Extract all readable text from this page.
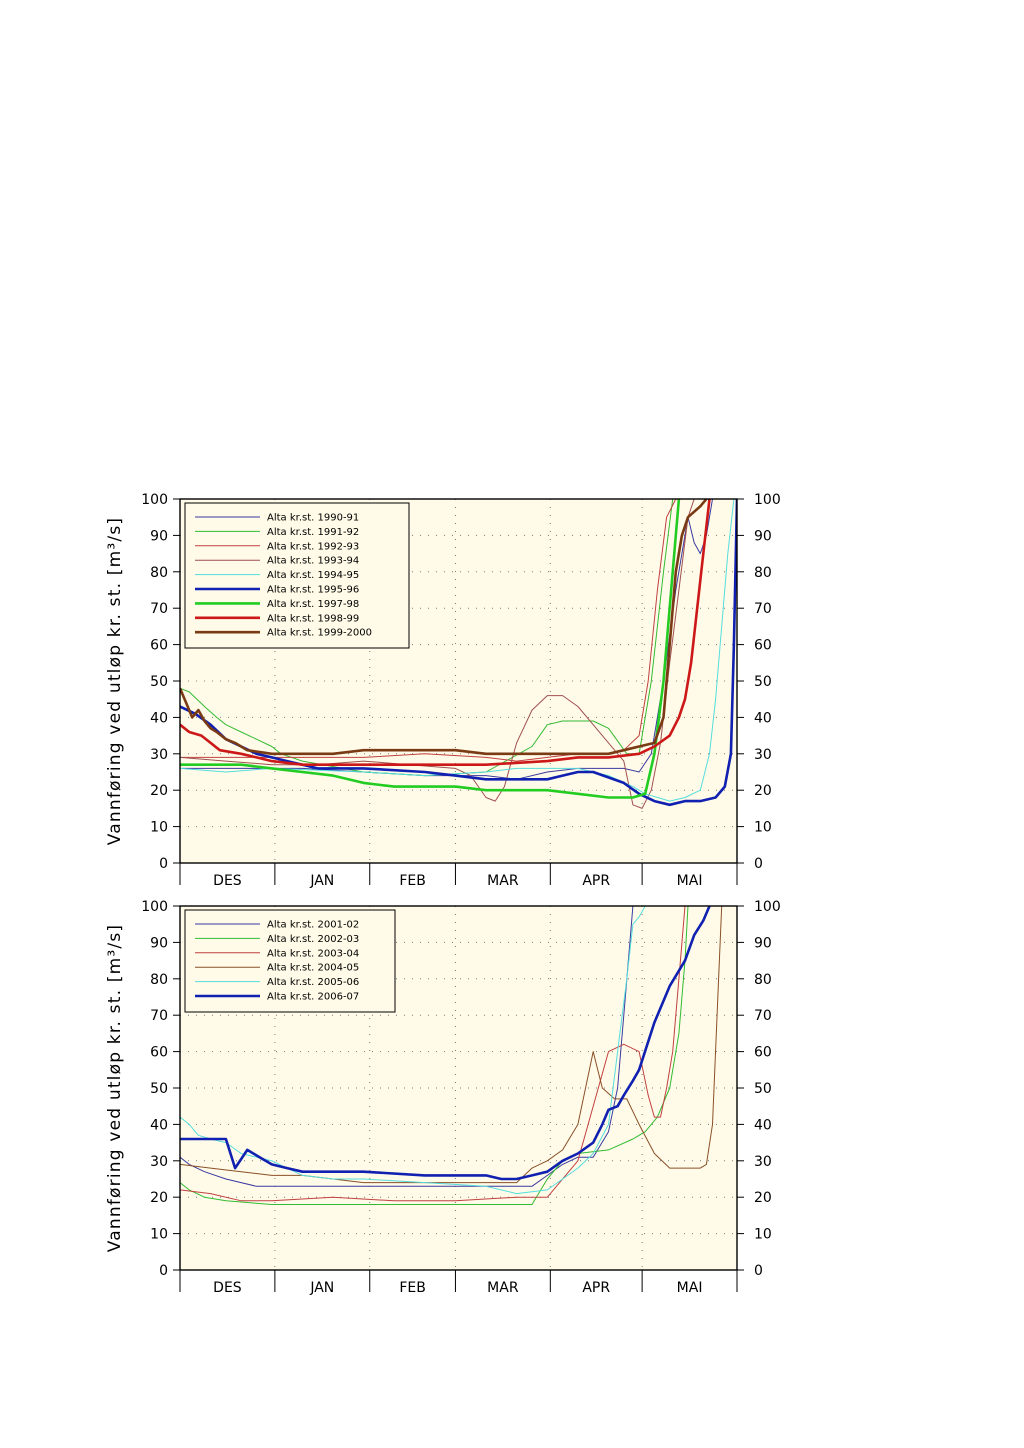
0	0
10	10
20	20
30	30
40	40
50	50
60	60
70	70
80	80
90	90
100	100
DES	JAN	FEB	MAR	APR	MAI
Vannføring ved utløp kr. st. [m³/s]	Alta kr.st. 1990-91
Alta kr.st. 1991-92
Alta kr.st. 1992-93
Alta kr.st. 1993-94
Alta kr.st. 1994-95
Alta kr.st. 1995-96
Alta kr.st. 1997-98
Alta kr.st. 1998-99
Alta kr.st. 1999-2000
0	0
10	10
20	20
30	30
40	40
50	50
60	60
70	70
80	80
90	90
100	100
DES	JAN	FEB	MAR	APR	MAI
Vannføring ved utløp kr. st. [m³/s]	Alta kr.st. 2001-02
Alta kr.st. 2002-03
Alta kr.st. 2003-04
Alta kr.st. 2004-05
Alta kr.st. 2005-06
Alta kr.st. 2006-07
